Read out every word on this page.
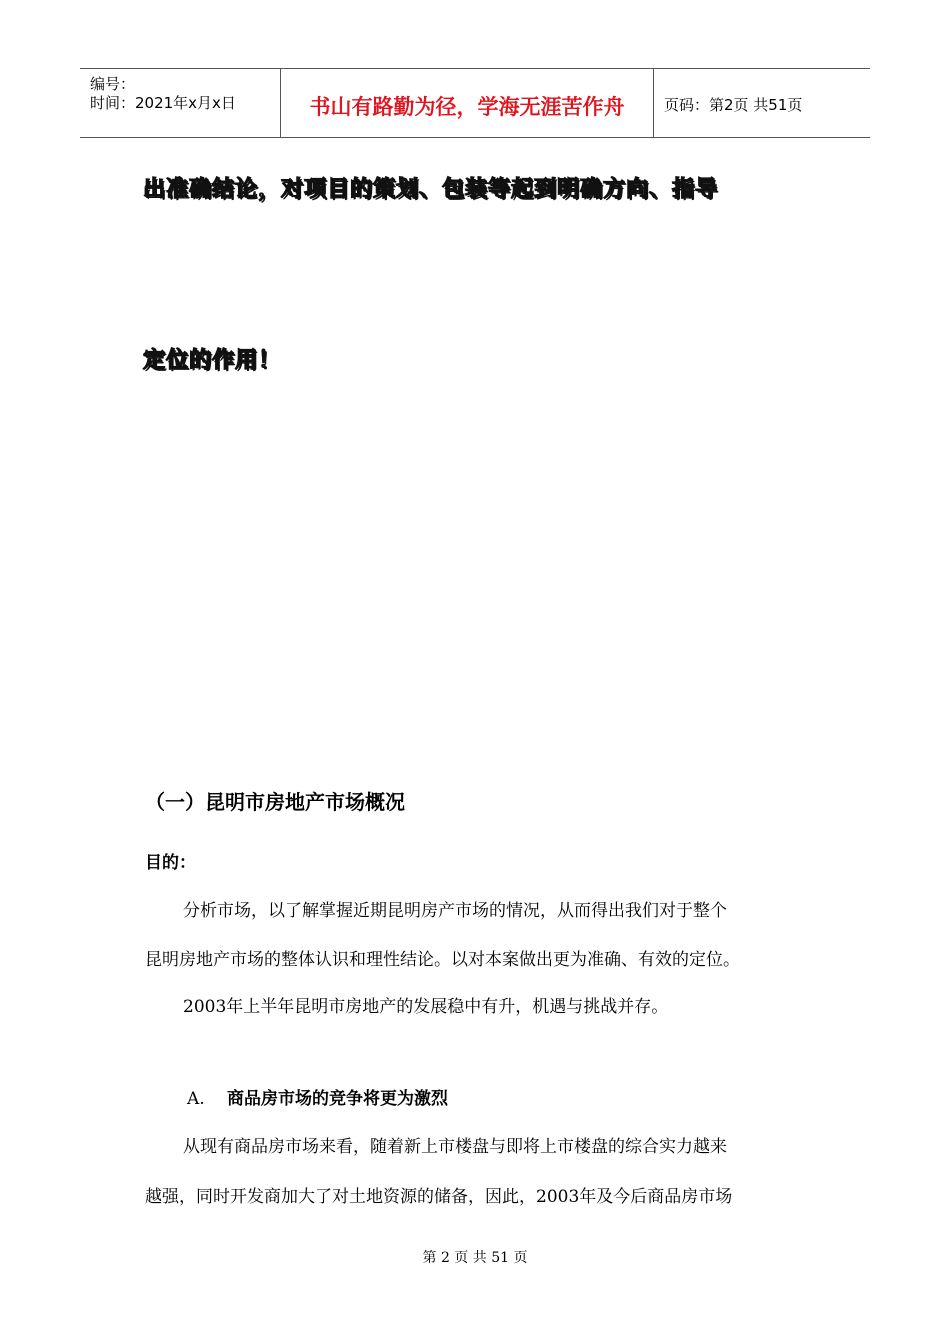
编号：
时间：2021年x月x日	书山有路勤为径，学海无涯苦作舟	页码：第2页 共51页
出准确结论，对项目的策划、包装等起到明确方向、指导
定位的作用！
（一）昆明市房地产市场概况
目的：
分析市场，以了解掌握近期昆明房产市场的情况，从而得出我们对于整个
昆明房地产市场的整体认识和理性结论。以对本案做出更为准确、有效的定位。
2003年上半年昆明市房地产的发展稳中有升，机遇与挑战并存。
A. 商品房市场的竞争将更为激烈
从现有商品房市场来看，随着新上市楼盘与即将上市楼盘的综合实力越来
越强，同时开发商加大了对土地资源的储备，因此，2003年及今后商品房市场
第 2 页 共 51 页
